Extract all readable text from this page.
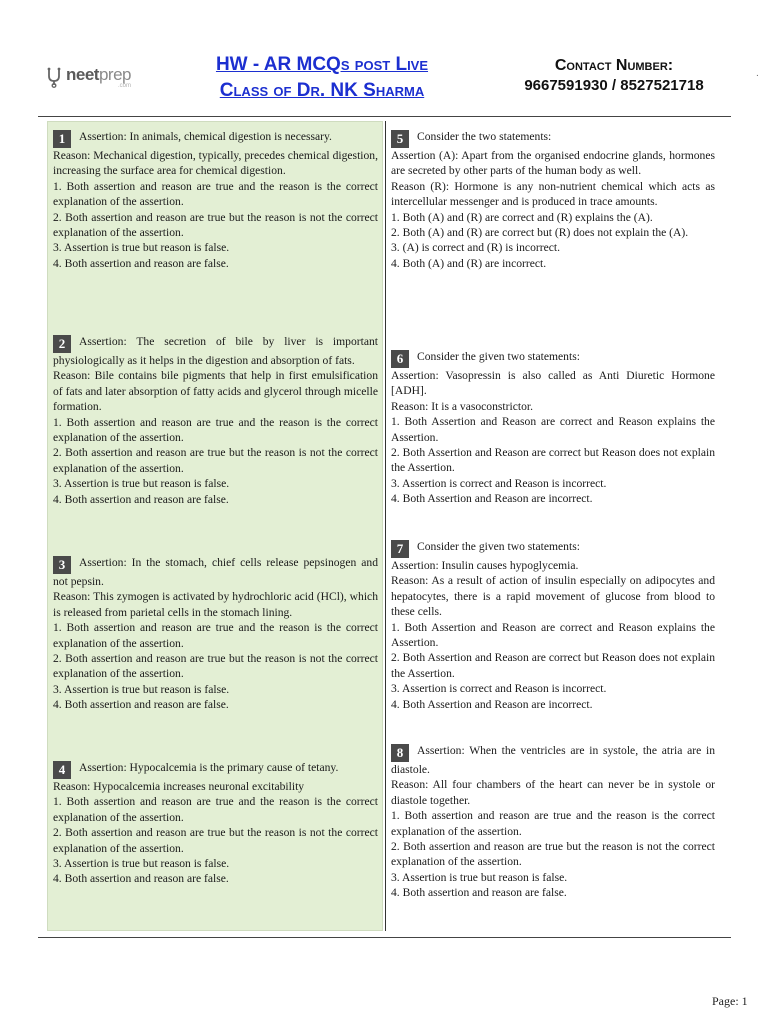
neetprep
.com
HW - AR MCQs post Live
Class of Dr. NK Sharma
Contact Number:
9667591930 / 8527521718
.

1 Assertion: In animals, chemical digestion is necessary.

Reason: Mechanical digestion, typically, precedes chemical digestion, increasing the surface area for chemical digestion.

1. Both assertion and reason are true and the reason is the correct explanation of the assertion.

2. Both assertion and reason are true but the reason is not the correct explanation of the assertion.

3. Assertion is true but reason is false.

4. Both assertion and reason are false.

2 Assertion: The secretion of bile by liver is important physiologically as it helps in the digestion and absorption of fats.

Reason: Bile contains bile pigments that help in first emulsification of fats and later absorption of fatty acids and glycerol through micelle formation.

1. Both assertion and reason are true and the reason is the correct explanation of the assertion.

2. Both assertion and reason are true but the reason is not the correct explanation of the assertion.

3. Assertion is true but reason is false.

4. Both assertion and reason are false.

3 Assertion: In the stomach, chief cells release pepsinogen and not pepsin.

Reason: This zymogen is activated by hydrochloric acid (HCl), which is released from parietal cells in the stomach lining.

1. Both assertion and reason are true and the reason is the correct explanation of the assertion.

2. Both assertion and reason are true but the reason is not the correct explanation of the assertion.

3. Assertion is true but reason is false.

4. Both assertion and reason are false.

4 Assertion: Hypocalcemia is the primary cause of tetany.

Reason: Hypocalcemia increases neuronal excitability

1. Both assertion and reason are true and the reason is the correct explanation of the assertion.

2. Both assertion and reason are true but the reason is not the correct explanation of the assertion.

3. Assertion is true but reason is false.

4. Both assertion and reason are false.

5 Consider the two statements:

Assertion (A): Apart from the organised endocrine glands, hormones are secreted by other parts of the human body as well.

Reason (R): Hormone is any non-nutrient chemical which acts as intercellular messenger and is produced in trace amounts.

1. Both (A) and (R) are correct and (R) explains the (A).

2. Both (A) and (R) are correct but (R) does not explain the (A).

3. (A) is correct and (R) is incorrect.

4. Both (A) and (R) are incorrect.

6 Consider the given two statements:

Assertion: Vasopressin is also called as Anti Diuretic Hormone [ADH].

Reason: It is a vasoconstrictor.

1. Both Assertion and Reason are correct and Reason explains the Assertion.

2. Both Assertion and Reason are correct but Reason does not explain the Assertion.

3. Assertion is correct and Reason is incorrect.

4. Both Assertion and Reason are incorrect.

7 Consider the given two statements:

Assertion: Insulin causes hypoglycemia.

Reason: As a result of action of insulin especially on adipocytes and hepatocytes, there is a rapid movement of glucose from blood to these cells.

1. Both Assertion and Reason are correct and Reason explains the Assertion.

2. Both Assertion and Reason are correct but Reason does not explain the Assertion.

3. Assertion is correct and Reason is incorrect.

4. Both Assertion and Reason are incorrect.

8 Assertion: When the ventricles are in systole, the atria are in diastole.

Reason: All four chambers of the heart can never be in systole or diastole together.

1. Both assertion and reason are true and the reason is the correct explanation of the assertion.

2. Both assertion and reason are true but the reason is not the correct explanation of the assertion.

3. Assertion is true but reason is false.

4. Both assertion and reason are false.

Page: 1
